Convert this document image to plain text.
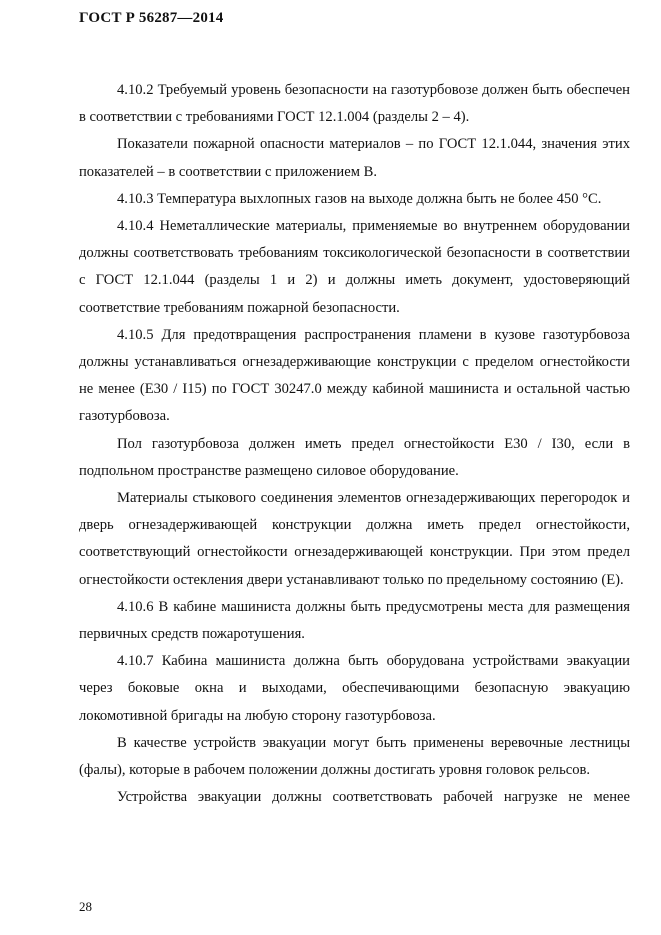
ГОСТ Р 56287—2014

4.10.2 Требуемый уровень безопасности на газотурбовозе должен быть обеспечен в соответствии с требованиями ГОСТ 12.1.004 (разделы 2 – 4).

Показатели пожарной опасности материалов – по ГОСТ 12.1.044, значения этих показателей – в соответствии с приложением В.

4.10.3 Температура выхлопных газов на выходе должна быть не более 450 °С.

4.10.4 Неметаллические материалы, применяемые во внутреннем оборудовании должны соответствовать требованиям токсикологической безопасности в соответствии с ГОСТ 12.1.044 (разделы 1 и 2) и должны иметь документ, удостоверяющий соответствие требованиям пожарной безопасности.

4.10.5 Для предотвращения распространения пламени в кузове газотурбовоза должны устанавливаться огнезадерживающие конструкции с пределом огнестойкости не менее (Е30 / I15) по ГОСТ 30247.0 между кабиной машиниста и остальной частью газотурбовоза.

Пол газотурбовоза должен иметь предел огнестойкости Е30 / I30, если в подпольном пространстве размещено силовое оборудование.

Материалы стыкового соединения элементов огнезадерживающих перегородок и дверь огнезадерживающей конструкции должна иметь предел огнестойкости, соответствующий огнестойкости огнезадерживающей конструкции. При этом предел огнестойкости остекления двери устанавливают только по предельному состоянию (Е).

4.10.6 В кабине машиниста должны быть предусмотрены места для размещения первичных средств пожаротушения.

4.10.7 Кабина машиниста должна быть оборудована устройствами эвакуации через боковые окна и выходами, обеспечивающими безопасную эвакуацию локомотивной бригады на любую сторону газотурбовоза.

В качестве устройств эвакуации могут быть применены веревочные лестницы (фалы), которые в рабочем положении должны достигать уровня головок рельсов.

Устройства эвакуации должны соответствовать рабочей нагрузке не менее

28
